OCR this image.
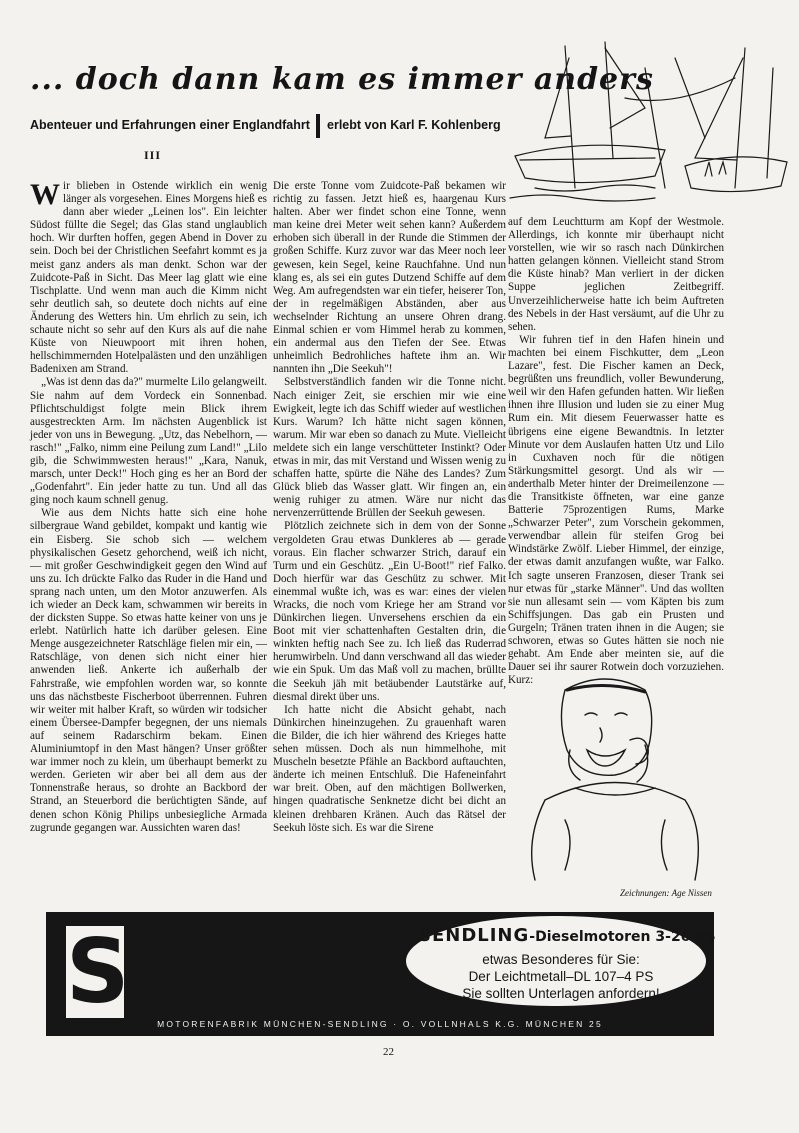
... doch dann kam es immer anders
Abenteuer und Erfahrungen einer Englandfahrt erlebt von Karl F. Kohlenberg
III

Wir blieben in Ostende wirklich ein wenig länger als vorgesehen. Eines Morgens hieß es dann aber wieder „Leinen los". Ein leichter Südost füllte die Segel; das Glas stand unglaublich hoch. Wir durften hoffen, gegen Abend in Dover zu sein. Doch bei der Christlichen Seefahrt kommt es ja meist ganz anders als man denkt. Schon war der Zuidcote-Paß in Sicht. Das Meer lag glatt wie eine Tischplatte. Und wenn man auch die Kimm nicht sehr deutlich sah, so deutete doch nichts auf eine Änderung des Wetters hin. Um ehrlich zu sein, ich schaute nicht so sehr auf den Kurs als auf die nahe Küste von Nieuwpoort mit ihren hohen, hellschimmernden Hotelpalästen und den unzähligen Badenixen am Strand.

„Was ist denn das da?" murmelte Lilo gelangweilt. Sie nahm auf dem Vordeck ein Sonnenbad. Pflichtschuldigst folgte mein Blick ihrem ausgestreckten Arm. Im nächsten Augenblick ist jeder von uns in Bewegung. „Utz, das Nebelhorn, — rasch!" „Falko, nimm eine Peilung zum Land!" „Lilo gib, die Schwimmwesten heraus!" „Kara, Nanuk, marsch, unter Deck!" Hoch ging es her an Bord der „Godenfahrt". Ein jeder hatte zu tun. Und all das ging noch kaum schnell genug.

Wie aus dem Nichts hatte sich eine hohe silbergraue Wand gebildet, kompakt und kantig wie ein Eisberg. Sie schob sich — welchem physikalischen Gesetz gehorchend, weiß ich nicht, — mit großer Geschwindigkeit gegen den Wind auf uns zu. Ich drückte Falko das Ruder in die Hand und sprang nach unten, um den Motor anzuwerfen. Als ich wieder an Deck kam, schwammen wir bereits in der dicksten Suppe. So etwas hatte keiner von uns je erlebt. Natürlich hatte ich darüber gelesen. Eine Menge ausgezeichneter Ratschläge fielen mir ein, — Ratschläge, von denen sich nicht einer hier anwenden ließ. Ankerte ich außerhalb der Fahrstraße, wie empfohlen worden war, so konnte uns das nächstbeste Fischerboot überrennen. Fuhren wir weiter mit halber Kraft, so würden wir todsicher einem Übersee-Dampfer begegnen, der uns niemals auf seinem Radarschirm bekam. Einen Aluminiumtopf in den Mast hängen? Unser größter war immer noch zu klein, um überhaupt bemerkt zu werden. Gerieten wir aber bei all dem aus der Tonnenstraße heraus, so drohte an Backbord der Strand, an Steuerbord die berüchtigten Sände, auf denen schon König Philips unbesiegliche Armada zugrunde gegangen war. Aussichten waren das!

Die erste Tonne vom Zuidcote-Paß bekamen wir richtig zu fassen. Jetzt hieß es, haargenau Kurs halten. Aber wer findet schon eine Tonne, wenn man keine drei Meter weit sehen kann? Außerdem erhoben sich überall in der Runde die Stimmen der großen Schiffe. Kurz zuvor war das Meer noch leer gewesen, kein Segel, keine Rauchfahne. Und nun klang es, als sei ein gutes Dutzend Schiffe auf dem Weg. Am aufregendsten war ein tiefer, heiserer Ton, der in regelmäßigen Abständen, aber aus wechselnder Richtung an unsere Ohren drang. Einmal schien er vom Himmel herab zu kommen, ein andermal aus den Tiefen der See. Etwas unheimlich Bedrohliches haftete ihm an. Wir nannten ihn „Die Seekuh"!

Selbstverständlich fanden wir die Tonne nicht. Nach einiger Zeit, sie erschien mir wie eine Ewigkeit, legte ich das Schiff wieder auf westlichen Kurs. Warum? Ich hätte nicht sagen können, warum. Mir war eben so danach zu Mute. Vielleicht meldete sich ein lange verschütteter Instinkt? Oder etwas in mir, das mit Verstand und Wissen wenig zu schaffen hatte, spürte die Nähe des Landes? Zum Glück blieb das Wasser glatt. Wir fingen an, ein wenig ruhiger zu atmen. Wäre nur nicht das nervenzerrüttende Brüllen der Seekuh gewesen.

Plötzlich zeichnete sich in dem von der Sonne vergoldeten Grau etwas Dunkleres ab — gerade voraus. Ein flacher schwarzer Strich, darauf ein Turm und ein Geschütz. „Ein U-Boot!" rief Falko. Doch hierfür war das Geschütz zu schwer. Mit einemmal wußte ich, was es war: eines der vielen Wracks, die noch vom Kriege her am Strand vor Dünkirchen liegen. Unversehens erschien da ein Boot mit vier schattenhaften Gestalten drin, die winkten heftig nach See zu. Ich ließ das Ruderrad herumwirbeln. Und dann verschwand all das wieder wie ein Spuk. Um das Maß voll zu machen, brüllte die Seekuh jäh mit betäubender Lautstärke auf, diesmal direkt über uns.

Ich hatte nicht die Absicht gehabt, nach Dünkirchen hineinzugehen. Zu grauenhaft waren die Bilder, die ich hier während des Krieges hatte sehen müssen. Doch als nun himmelhohe, mit Muscheln besetzte Pfähle an Backbord auftauchten, änderte ich meinen Entschluß. Die Hafeneinfahrt war breit. Oben, auf den mächtigen Bollwerken, hingen quadratische Senknetze dicht bei dicht an kleinen drehbaren Kränen. Auch das Rätsel der Seekuh löste sich. Es war die Sirene

auf dem Leuchtturm am Kopf der Westmole. Allerdings, ich konnte mir überhaupt nicht vorstellen, wie wir so rasch nach Dünkirchen hatten gelangen können. Vielleicht stand Strom die Küste hinab? Man verliert in der dicken Suppe jeglichen Zeitbegriff. Unverzeihlicherweise hatte ich beim Auftreten des Nebels in der Hast versäumt, auf die Uhr zu sehen.

Wir fuhren tief in den Hafen hinein und machten bei einem Fischkutter, dem „Leon Lazare", fest. Die Fischer kamen an Deck, begrüßten uns freundlich, voller Bewunderung, weil wir den Hafen gefunden hatten. Wir ließen ihnen ihre Illusion und luden sie zu einer Mug Rum ein. Mit diesem Feuerwasser hatte es übrigens eine eigene Bewandtnis. In letzter Minute vor dem Auslaufen hatten Utz und Lilo in Cuxhaven noch für die nötigen Stärkungsmittel gesorgt. Und als wir — anderthalb Meter hinter der Dreimeilenzone — die Transitkiste öffneten, war eine ganze Batterie 75prozentigen Rums, Marke „Schwarzer Peter", zum Vorschein gekommen, verwendbar allein für steifen Grog bei Windstärke Zwölf. Lieber Himmel, der einzige, der etwas damit anzufangen wußte, war Falko. Ich sagte unseren Franzosen, dieser Trank sei nur etwas für „starke Männer". Und das wollten sie nun allesamt sein — vom Käpten bis zum Schiffsjungen. Das gab ein Prusten und Gurgeln; Tränen traten ihnen in die Augen; sie schworen, etwas so Gutes hätten sie noch nie gehabt. Am Ende aber meinten sie, auf die Dauer sei ihr saurer Rotwein doch vorzuziehen. Kurz:

Zeichnungen: Age Nissen
S	SENDLING-Dieselmotoren 3-26 PS
etwas Besonderes für Sie:
Der Leichtmetall–DL 107–4 PS
Sie sollten Unterlagen anfordern!
MOTORENFABRIK MÜNCHEN-SENDLING · O. VOLLNHALS K.G. MÜNCHEN 25
22
